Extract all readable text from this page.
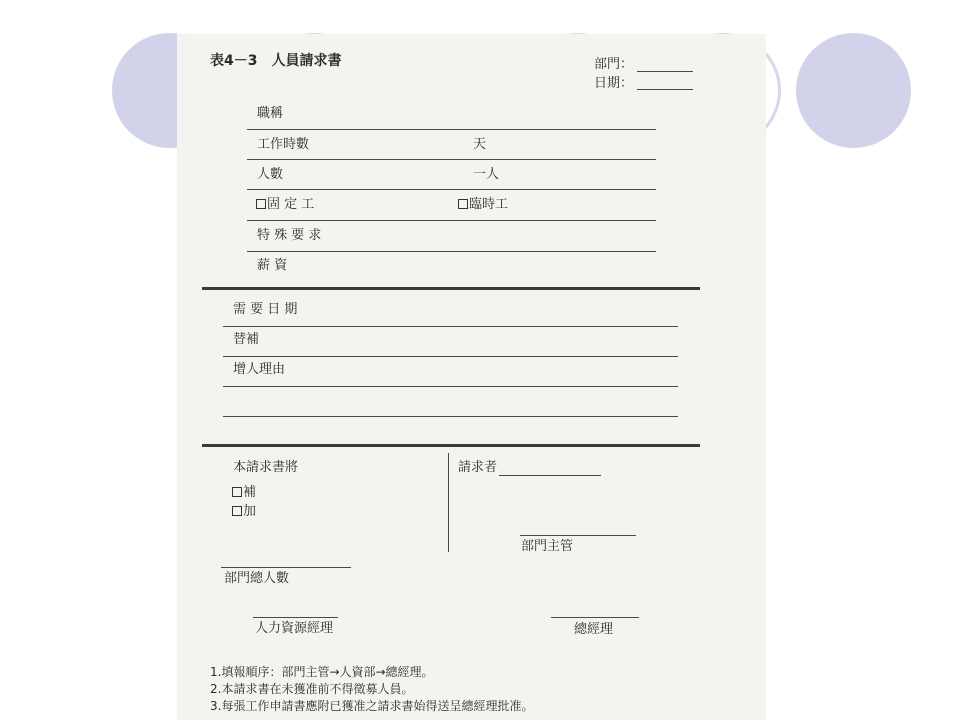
表4－3　人員請求書	部門：
日期：
職稱
工作時數	天
人數	一人
固 定 工	臨時工
特 殊 要 求
薪 資
需 要 日 期
替補
增人理由
本請求書將
補
加
請求者
部門主管
部門總人數
人力資源經理	總經理
1.填報順序：部門主管→人資部→總經理。
2.本請求書在未獲准前不得徵募人員。
3.每張工作申請書應附已獲准之請求書始得送呈總經理批准。
